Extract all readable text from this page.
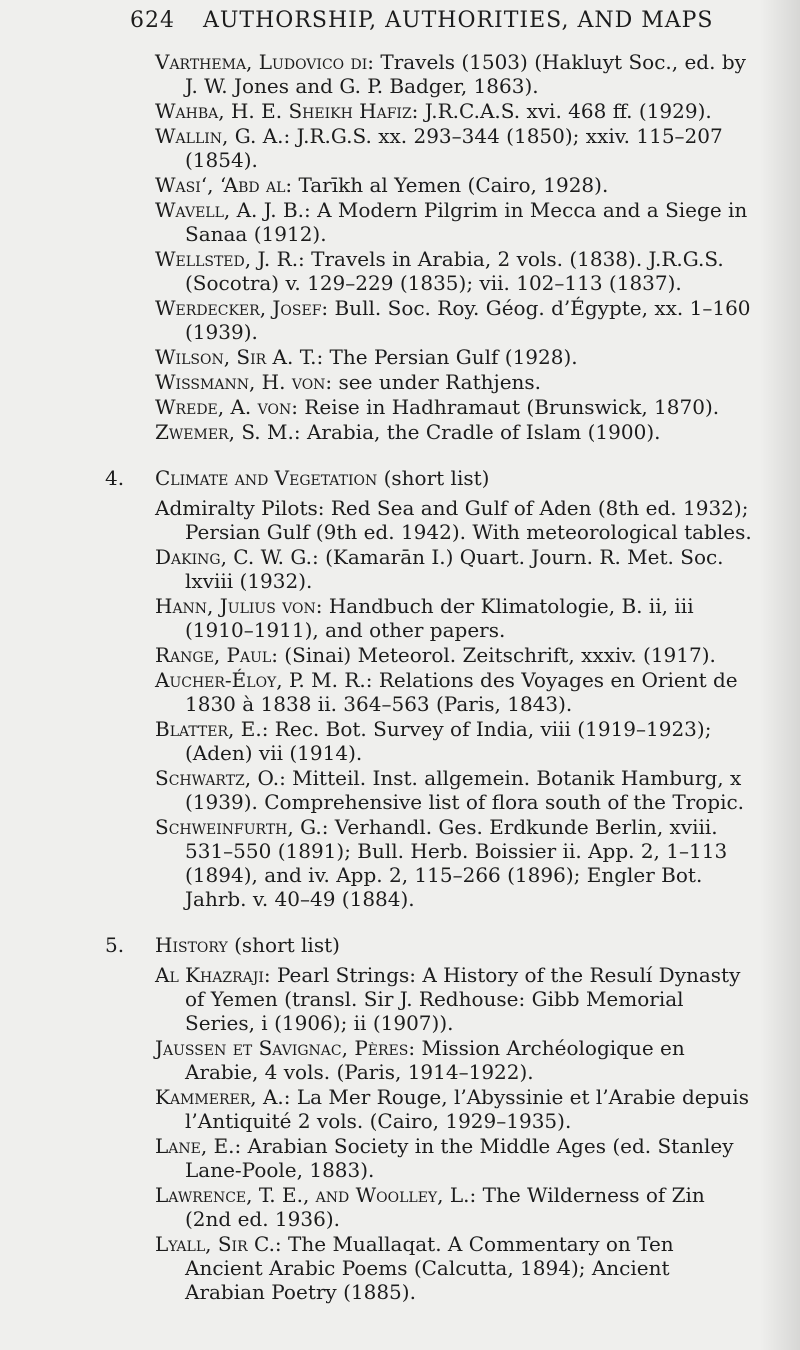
624 AUTHORSHIP, AUTHORITIES, AND MAPS

Varthema, Ludovico di: Travels (1503) (Hakluyt Soc., ed. by J. W. Jones and G. P. Badger, 1863).

Wahba, H. E. Sheikh Hafiz: J.R.C.A.S. xvi. 468 ff. (1929).

Wallin, G. A.: J.R.G.S. xx. 293–344 (1850); xxiv. 115–207 (1854).

Wasi‘, ‘Abd al: Tarīkh al Yemen (Cairo, 1928).

Wavell, A. J. B.: A Modern Pilgrim in Mecca and a Siege in Sanaa (1912).

Wellsted, J. R.: Travels in Arabia, 2 vols. (1838). J.R.G.S. (Socotra) v. 129–229 (1835); vii. 102–113 (1837).

Werdecker, Josef: Bull. Soc. Roy. Géog. d’Égypte, xx. 1–160 (1939).

Wilson, Sir A. T.: The Persian Gulf (1928).

Wissmann, H. von: see under Rathjens.

Wrede, A. von: Reise in Hadhramaut (Brunswick, 1870).

Zwemer, S. M.: Arabia, the Cradle of Islam (1900).

4. Climate and Vegetation (short list)

Admiralty Pilots: Red Sea and Gulf of Aden (8th ed. 1932); Persian Gulf (9th ed. 1942). With meteorological tables.

Daking, C. W. G.: (Kamarān I.) Quart. Journ. R. Met. Soc. lxviii (1932).

Hann, Julius von: Handbuch der Klimatologie, B. ii, iii (1910–1911), and other papers.

Range, Paul: (Sinai) Meteorol. Zeitschrift, xxxiv. (1917).

Aucher-Éloy, P. M. R.: Relations des Voyages en Orient de 1830 à 1838 ii. 364–563 (Paris, 1843).

Blatter, E.: Rec. Bot. Survey of India, viii (1919–1923); (Aden) vii (1914).

Schwartz, O.: Mitteil. Inst. allgemein. Botanik Hamburg, x (1939). Comprehensive list of flora south of the Tropic.

Schweinfurth, G.: Verhandl. Ges. Erdkunde Berlin, xviii. 531–550 (1891); Bull. Herb. Boissier ii. App. 2, 1–113 (1894), and iv. App. 2, 115–266 (1896); Engler Bot. Jahrb. v. 40–49 (1884).

5. History (short list)

Al Khazraji: Pearl Strings: A History of the Resulí Dynasty of Yemen (transl. Sir J. Redhouse: Gibb Memorial Series, i (1906); ii (1907)).

Jaussen et Savignac, Pères: Mission Archéologique en Arabie, 4 vols. (Paris, 1914–1922).

Kammerer, A.: La Mer Rouge, l’Abyssinie et l’Arabie depuis l’Antiquité 2 vols. (Cairo, 1929–1935).

Lane, E.: Arabian Society in the Middle Ages (ed. Stanley Lane-Poole, 1883).

Lawrence, T. E., and Woolley, L.: The Wilderness of Zin (2nd ed. 1936).

Lyall, Sir C.: The Muallaqat. A Commentary on Ten Ancient Arabic Poems (Calcutta, 1894); Ancient Arabian Poetry (1885).
